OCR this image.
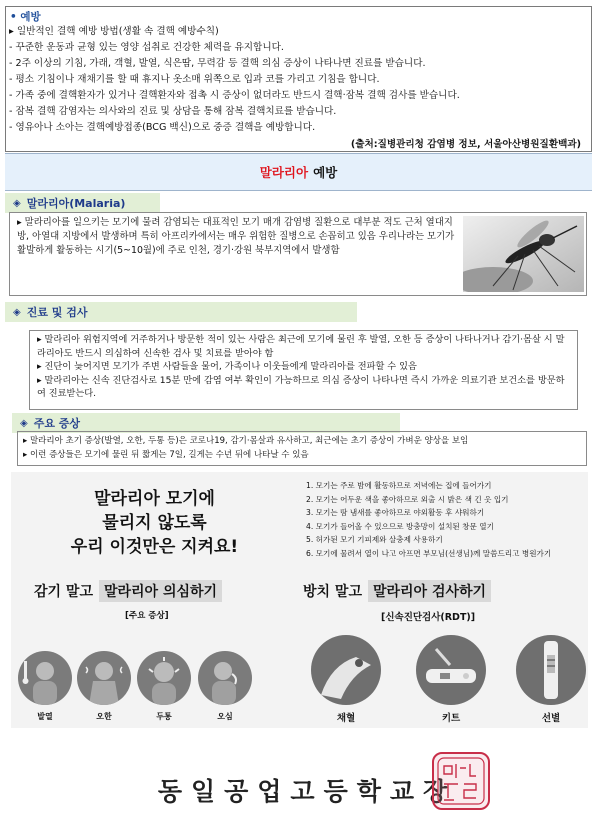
• 예방
▸ 일반적인 결핵 예방 방법(생활 속 결핵 예방수칙)
- 꾸준한 운동과 균형 있는 영양 섭취로 건강한 체력을 유지합니다.
- 2주 이상의 기침, 가래, 객혈, 발열, 식은땀, 무력감 등 결핵 의심 증상이 나타나면 진료를 받습니다.
- 평소 기침이나 재채기를 할 때 휴지나 옷소매 위쪽으로 입과 코를 가리고 기침을 합니다.
- 가족 중에 결핵환자가 있거나 결핵환자와 접촉 시 증상이 없더라도 반드시 결핵·잠복 결핵 검사를 받습니다.
- 잠복 결핵 감염자는 의사와의 진료 및 상담을 통해 잠복 결핵치료를 받습니다.
- 영유아나 소아는 결핵예방접종(BCG 백신)으로 중증 결핵을 예방합니다.
(출처:질병관리청 감염병 정보, 서울아산병원질환백과)
말라리아 예방
◈ 말라리아(Malaria)
▸ 말라리아를 일으키는 모기에 물려 감염되는 대표적인 모기 매개 감염병 질환으로 대부분 적도 근처 열대지방, 아열대 지방에서 발생하며 특히 아프리카에서는 매우 위험한 질병으로 손꼽히고 있음 우리나라는 모기가 활발하게 활동하는 시기(5~10월)에 주로 인천, 경기·강원 북부지역에서 발생함
◈ 진료 및 검사
▸ 말라리아 위험지역에 거주하거나 방문한 적이 있는 사람은 최근에 모기에 물린 후 발열, 오한 등 증상이 나타나거나 감기·몸살 시 말라리아도 반드시 의심하여 신속한 검사 및 치료를 받아야 함
▸ 진단이 늦어지면 모기가 주변 사람들을 물어, 가족이나 이웃들에게 말라리아를 전파할 수 있음
▸ 말라리아는 신속 진단검사로 15분 만에 감염 여부 확인이 가능하므로 의심 증상이 나타나면 즉시 가까운 의료기관 보건소를 방문하여 진료받는다.
◈ 주요 증상
▸ 말라리아 초기 증상(발열, 오한, 두통 등)은 코로나19, 감기·몸살과 유사하고, 최근에는 초기 증상이 가벼운 양상을 보임
▸ 이런 증상들은 모기에 물린 뒤 짧게는 7일, 길게는 수년 뒤에 나타날 수 있음
말라리아 모기에
물리지 않도록
우리 이것만은 지켜요!
1. 모기는 주로 밤에 활동하므로 저녁에는 집에 들어가기
2. 모기는 어두운 색을 좋아하므로 외출 시 밝은 색 긴 옷 입기
3. 모기는 땀 냄새를 좋아하므로 야외활동 후 샤워하기
4. 모기가 들어올 수 있으므로 방충망이 설치된 창문 열기
5. 허가된 모기 기피제와 살충제 사용하기
6. 모기에 물려서 열이 나고 아프면 부모님(선생님)께 말씀드리고 병원가기
감기 말고 말라리아 의심하기	방치 말고 말라리아 검사하기
[주요 증상]	[신속진단검사(RDT)]
발열	오한	두통	오심	채혈	키트	선별
동일공업고등학교장
